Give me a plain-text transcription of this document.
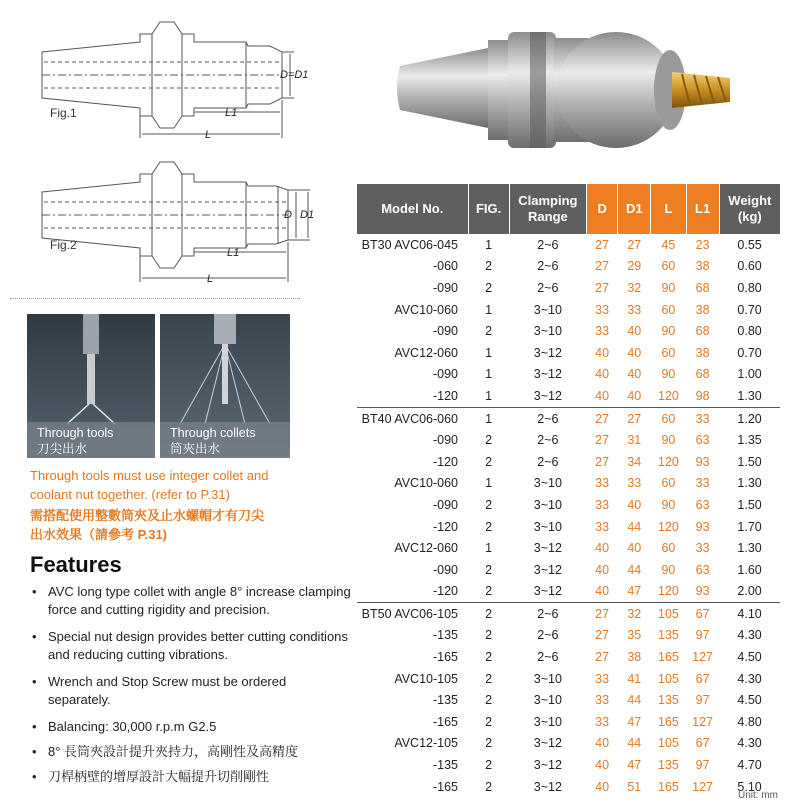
D=D1
L1
L
Fig.1
D D1
L1
L
Fig.2
Through tools
刀尖出水
Through collets
筒夾出水
Through tools must use integer collet and
coolant nut together. (refer to P.31)
需搭配使用整數筒夾及止水螺帽才有刀尖
出水效果（請參考 P.31)
Features
• AVC long type collet with angle 8° increase clamping force and cutting rigidity and precision.
• Special nut design provides better cutting conditions and reducing cutting vibrations.
• Wrench and Stop Screw must be ordered separately.
• Balancing: 30,000 r.p.m G2.5
• 8° 長筒夾設計提升夾持力，高剛性及高精度
• 刀桿柄壁的增厚設計大幅提升切削剛性
Model No.	FIG.	Clamping Range	D	D1	L	L1	Weight (kg)
BT30 AVC06-045	1	2~6	27	27	45	23	0.55
-060	2	2~6	27	29	60	38	0.60
-090	2	2~6	27	32	90	68	0.80
AVC10-060	1	3~10	33	33	60	38	0.70
-090	2	3~10	33	40	90	68	0.80
AVC12-060	1	3~12	40	40	60	38	0.70
-090	1	3~12	40	40	90	68	1.00
-120	1	3~12	40	40	120	98	1.30
BT40 AVC06-060	1	2~6	27	27	60	33	1.20
-090	2	2~6	27	31	90	63	1.35
-120	2	2~6	27	34	120	93	1.50
AVC10-060	1	3~10	33	33	60	33	1.30
-090	2	3~10	33	40	90	63	1.50
-120	2	3~10	33	44	120	93	1.70
AVC12-060	1	3~12	40	40	60	33	1.30
-090	2	3~12	40	44	90	63	1.60
-120	2	3~12	40	47	120	93	2.00
BT50 AVC06-105	2	2~6	27	32	105	67	4.10
-135	2	2~6	27	35	135	97	4.30
-165	2	2~6	27	38	165	127	4.50
AVC10-105	2	3~10	33	41	105	67	4.30
-135	2	3~10	33	44	135	97	4.50
-165	2	3~10	33	47	165	127	4.80
AVC12-105	2	3~12	40	44	105	67	4.30
-135	2	3~12	40	47	135	97	4.70
-165	2	3~12	40	51	165	127	5.10
Unit: mm
